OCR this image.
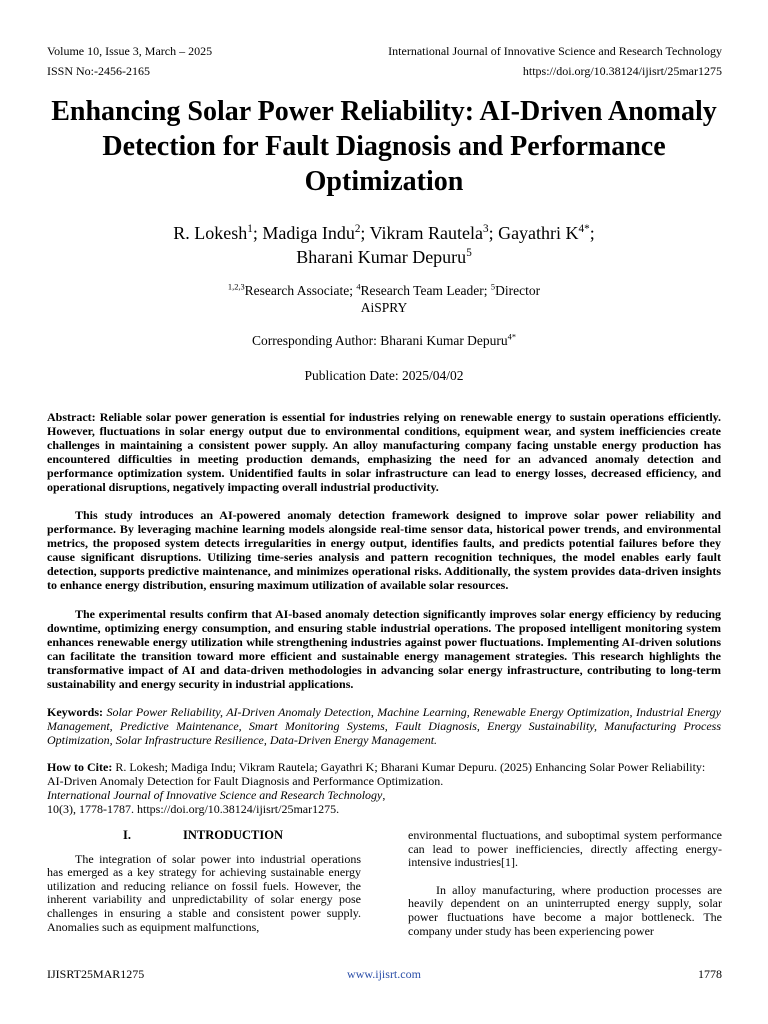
Volume 10, Issue 3, March – 2025	International Journal of Innovative Science and Research Technology
ISSN No:-2456-2165	https://doi.org/10.38124/ijisrt/25mar1275
Enhancing Solar Power Reliability: AI-Driven Anomaly Detection for Fault Diagnosis and Performance Optimization
R. Lokesh$^1$; Madiga Indu$^2$; Vikram Rautela$^3$; Gayathri $K^{4*}$;
Bharani Kumar Depuru$^5$
$^{1,2,3}$Research Associate; $^4$Research Team Leader; $^5$Director
AiSPRY
Corresponding Author: Bharani Kumar Depuru$^{4*}$
Publication Date: 2025/04/02
Abstract: Reliable solar power generation is essential for industries relying on renewable energy to sustain operations efficiently. However, fluctuations in solar energy output due to environmental conditions, equipment wear, and system inefficiencies create challenges in maintaining a consistent power supply. An alloy manufacturing company facing unstable energy production has encountered difficulties in meeting production demands, emphasizing the need for an advanced anomaly detection and performance optimization system. Unidentified faults in solar infrastructure can lead to energy losses, decreased efficiency, and operational disruptions, negatively impacting overall industrial productivity.
This study introduces an AI-powered anomaly detection framework designed to improve solar power reliability and performance. By leveraging machine learning models alongside real-time sensor data, historical power trends, and environmental metrics, the proposed system detects irregularities in energy output, identifies faults, and predicts potential failures before they cause significant disruptions. Utilizing time-series analysis and pattern recognition techniques, the model enables early fault detection, supports predictive maintenance, and minimizes operational risks. Additionally, the system provides data-driven insights to enhance energy distribution, ensuring maximum utilization of available solar resources.
The experimental results confirm that AI-based anomaly detection significantly improves solar energy efficiency by reducing downtime, optimizing energy consumption, and ensuring stable industrial operations. The proposed intelligent monitoring system enhances renewable energy utilization while strengthening industries against power fluctuations. Implementing AI-driven solutions can facilitate the transition toward more efficient and sustainable energy management strategies. This research highlights the transformative impact of AI and data-driven methodologies in advancing solar energy infrastructure, contributing to long-term sustainability and energy security in industrial applications.
Keywords: Solar Power Reliability, AI-Driven Anomaly Detection, Machine Learning, Renewable Energy Optimization, Industrial Energy Management, Predictive Maintenance, Smart Monitoring Systems, Fault Diagnosis, Energy Sustainability, Manufacturing Process Optimization, Solar Infrastructure Resilience, Data-Driven Energy Management.
How to Cite: R. Lokesh; Madiga Indu; Vikram Rautela; Gayathri K; Bharani Kumar Depuru. (2025) Enhancing Solar Power Reliability: AI-Driven Anomaly Detection for Fault Diagnosis and Performance Optimization.
International Journal of Innovative Science and Research Technology,
10(3), 1778-1787. https://doi.org/10.38124/ijisrt/25mar1275.
I.	INTRODUCTION

The integration of solar power into industrial operations has emerged as a key strategy for achieving sustainable energy utilization and reducing reliance on fossil fuels. However, the inherent variability and unpredictability of solar energy pose challenges in ensuring a stable and consistent power supply. Anomalies such as equipment malfunctions,

environmental fluctuations, and suboptimal system performance can lead to power inefficiencies, directly affecting energy-intensive industries[1].

In alloy manufacturing, where production processes are heavily dependent on an uninterrupted energy supply, solar power fluctuations have become a major bottleneck. The company under study has been experiencing power

IJISRT25MAR1275	www.ijisrt.com	1778
